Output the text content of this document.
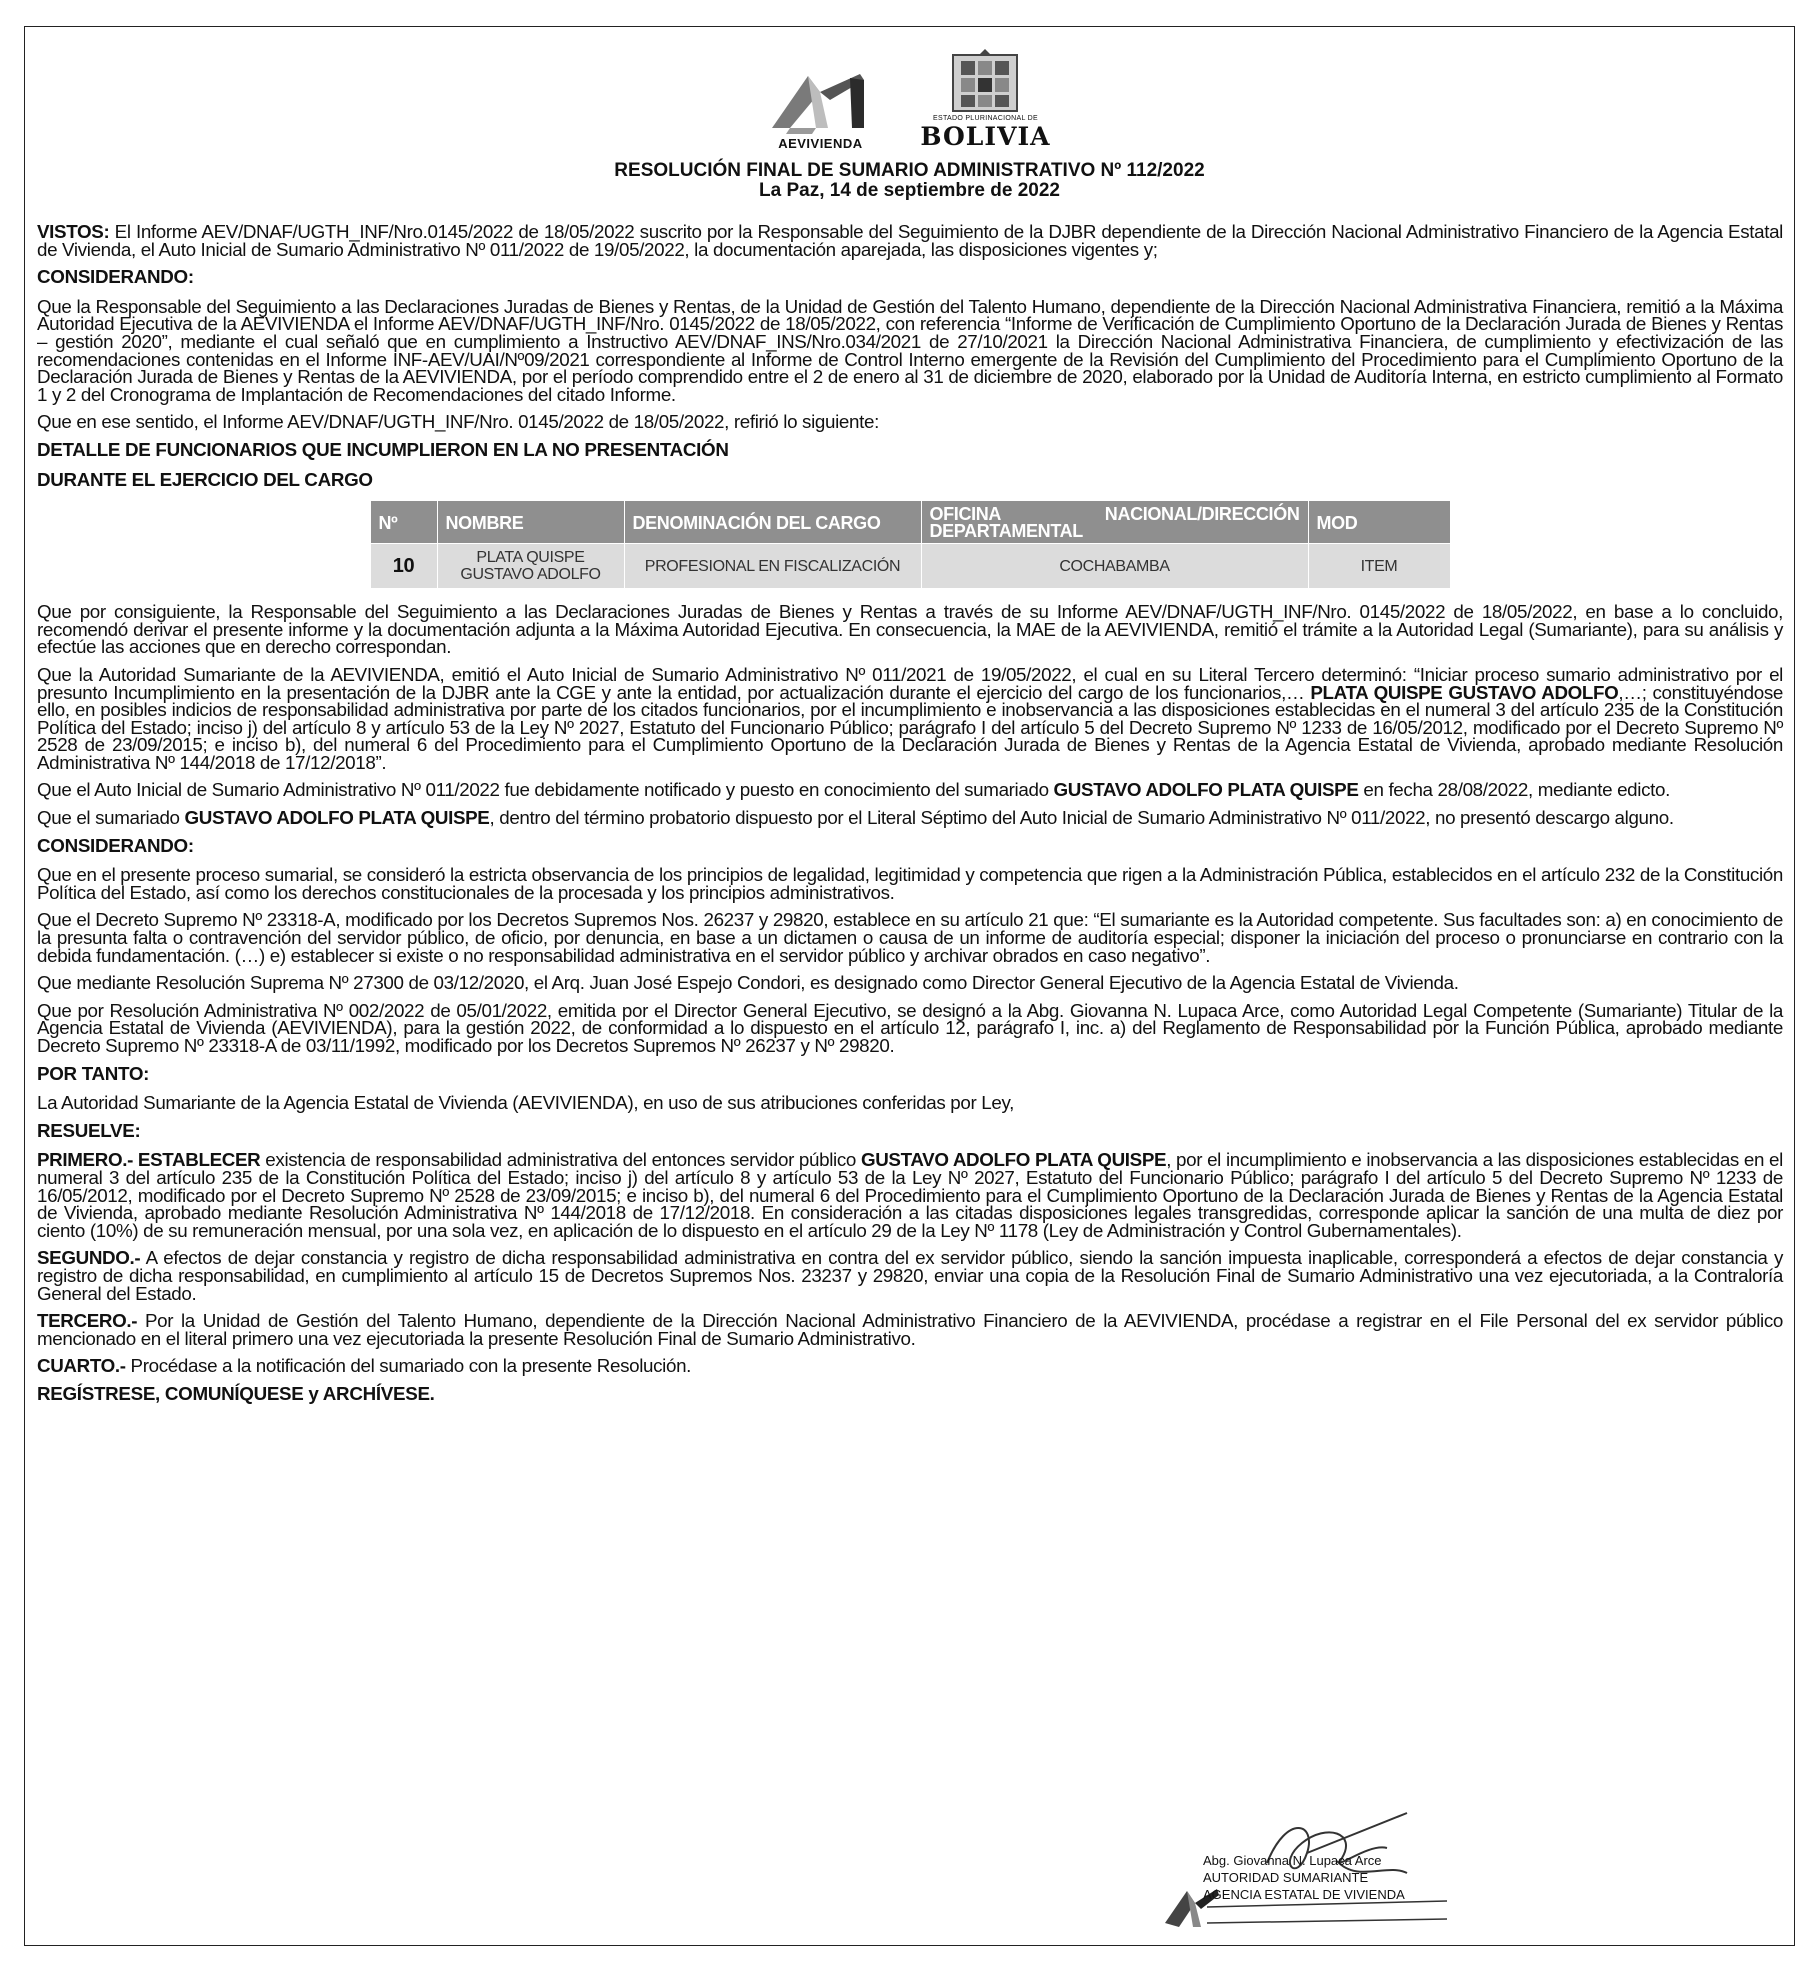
AEVIVIENDA
ESTADO PLURINACIONAL DE
BOLIVIA
RESOLUCIÓN FINAL DE SUMARIO ADMINISTRATIVO Nº 112/2022
La Paz, 14 de septiembre de 2022

VISTOS: El Informe AEV/DNAF/UGTH_INF/Nro.0145/2022 de 18/05/2022 suscrito por la Responsable del Seguimiento de la DJBR dependiente de la Dirección Nacional Administrativo Financiero de la Agencia Estatal de Vivienda, el Auto Inicial de Sumario Administrativo Nº 011/2022 de 19/05/2022, la documentación aparejada, las disposiciones vigentes y;

CONSIDERANDO:

Que la Responsable del Seguimiento a las Declaraciones Juradas de Bienes y Rentas, de la Unidad de Gestión del Talento Humano, dependiente de la Dirección Nacional Administrativa Financiera, remitió a la Máxima Autoridad Ejecutiva de la AEVIVIENDA el Informe AEV/DNAF/UGTH_INF/Nro. 0145/2022 de 18/05/2022, con referencia “Informe de Verificación de Cumplimiento Oportuno de la Declaración Jurada de Bienes y Rentas – gestión 2020”, mediante el cual señaló que en cumplimiento a Instructivo AEV/DNAF_INS/Nro.034/2021 de 27/10/2021 la Dirección Nacional Administrativa Financiera, de cumplimiento y efectivización de las recomendaciones contenidas en el Informe INF-AEV/UAI/Nº09/2021 correspondiente al Informe de Control Interno emergente de la Revisión del Cumplimiento del Procedimiento para el Cumplimiento Oportuno de la Declaración Jurada de Bienes y Rentas de la AEVIVIENDA, por el período comprendido entre el 2 de enero al 31 de diciembre de 2020, elaborado por la Unidad de Auditoría Interna, en estricto cumplimiento al Formato 1 y 2 del Cronograma de Implantación de Recomendaciones del citado Informe.

Que en ese sentido, el Informe AEV/DNAF/UGTH_INF/Nro. 0145/2022 de 18/05/2022, refirió lo siguiente:

DETALLE DE FUNCIONARIOS QUE INCUMPLIERON EN LA NO PRESENTACIÓN
DURANTE EL EJERCICIO DEL CARGO
Nº	NOMBRE	DENOMINACIÓN DEL CARGO	OFICINA NACIONAL/DIRECCIÓN DEPARTAMENTAL	MOD
10	PLATA QUISPE GUSTAVO ADOLFO	PROFESIONAL EN FISCALIZACIÓN	COCHABAMBA	ITEM

Que por consiguiente, la Responsable del Seguimiento a las Declaraciones Juradas de Bienes y Rentas a través de su Informe AEV/DNAF/UGTH_INF/Nro. 0145/2022 de 18/05/2022, en base a lo concluido, recomendó derivar el presente informe y la documentación adjunta a la Máxima Autoridad Ejecutiva. En consecuencia, la MAE de la AEVIVIENDA, remitió el trámite a la Autoridad Legal (Sumariante), para su análisis y efectúe las acciones que en derecho correspondan.

Que la Autoridad Sumariante de la AEVIVIENDA, emitió el Auto Inicial de Sumario Administrativo Nº 011/2021 de 19/05/2022, el cual en su Literal Tercero determinó: “Iniciar proceso sumario administrativo por el presunto Incumplimiento en la presentación de la DJBR ante la CGE y ante la entidad, por actualización durante el ejercicio del cargo de los funcionarios,… PLATA QUISPE GUSTAVO ADOLFO,…; constituyéndose ello, en posibles indicios de responsabilidad administrativa por parte de los citados funcionarios, por el incumplimiento e inobservancia a las disposiciones establecidas en el numeral 3 del artículo 235 de la Constitución Política del Estado; inciso j) del artículo 8 y artículo 53 de la Ley Nº 2027, Estatuto del Funcionario Público; parágrafo I del artículo 5 del Decreto Supremo Nº 1233 de 16/05/2012, modificado por el Decreto Supremo Nº 2528 de 23/09/2015; e inciso b), del numeral 6 del Procedimiento para el Cumplimiento Oportuno de la Declaración Jurada de Bienes y Rentas de la Agencia Estatal de Vivienda, aprobado mediante Resolución Administrativa Nº 144/2018 de 17/12/2018”.

Que el Auto Inicial de Sumario Administrativo Nº 011/2022 fue debidamente notificado y puesto en conocimiento del sumariado GUSTAVO ADOLFO PLATA QUISPE en fecha 28/08/2022, mediante edicto.

Que el sumariado GUSTAVO ADOLFO PLATA QUISPE, dentro del término probatorio dispuesto por el Literal Séptimo del Auto Inicial de Sumario Administrativo Nº 011/2022, no presentó descargo alguno.

CONSIDERANDO:

Que en el presente proceso sumarial, se consideró la estricta observancia de los principios de legalidad, legitimidad y competencia que rigen a la Administración Pública, establecidos en el artículo 232 de la Constitución Política del Estado, así como los derechos constitucionales de la procesada y los principios administrativos.

Que el Decreto Supremo Nº 23318-A, modificado por los Decretos Supremos Nos. 26237 y 29820, establece en su artículo 21 que: “El sumariante es la Autoridad competente. Sus facultades son: a) en conocimiento de la presunta falta o contravención del servidor público, de oficio, por denuncia, en base a un dictamen o causa de un informe de auditoría especial; disponer la iniciación del proceso o pronunciarse en contrario con la debida fundamentación. (…) e) establecer si existe o no responsabilidad administrativa en el servidor público y archivar obrados en caso negativo”.

Que mediante Resolución Suprema Nº 27300 de 03/12/2020, el Arq. Juan José Espejo Condori, es designado como Director General Ejecutivo de la Agencia Estatal de Vivienda.

Que por Resolución Administrativa Nº 002/2022 de 05/01/2022, emitida por el Director General Ejecutivo, se designó a la Abg. Giovanna N. Lupaca Arce, como Autoridad Legal Competente (Sumariante) Titular de la Agencia Estatal de Vivienda (AEVIVIENDA), para la gestión 2022, de conformidad a lo dispuesto en el artículo 12, parágrafo I, inc. a) del Reglamento de Responsabilidad por la Función Pública, aprobado mediante Decreto Supremo Nº 23318-A de 03/11/1992, modificado por los Decretos Supremos Nº 26237 y Nº 29820.

POR TANTO:

La Autoridad Sumariante de la Agencia Estatal de Vivienda (AEVIVIENDA), en uso de sus atribuciones conferidas por Ley,

RESUELVE:

PRIMERO.- ESTABLECER existencia de responsabilidad administrativa del entonces servidor público GUSTAVO ADOLFO PLATA QUISPE, por el incumplimiento e inobservancia a las disposiciones establecidas en el numeral 3 del artículo 235 de la Constitución Política del Estado; inciso j) del artículo 8 y artículo 53 de la Ley Nº 2027, Estatuto del Funcionario Público; parágrafo I del artículo 5 del Decreto Supremo Nº 1233 de 16/05/2012, modificado por el Decreto Supremo Nº 2528 de 23/09/2015; e inciso b), del numeral 6 del Procedimiento para el Cumplimiento Oportuno de la Declaración Jurada de Bienes y Rentas de la Agencia Estatal de Vivienda, aprobado mediante Resolución Administrativa Nº 144/2018 de 17/12/2018. En consideración a las citadas disposiciones legales transgredidas, corresponde aplicar la sanción de una multa de diez por ciento (10%) de su remuneración mensual, por una sola vez, en aplicación de lo dispuesto en el artículo 29 de la Ley Nº 1178 (Ley de Administración y Control Gubernamentales).

SEGUNDO.- A efectos de dejar constancia y registro de dicha responsabilidad administrativa en contra del ex servidor público, siendo la sanción impuesta inaplicable, corresponderá a efectos de dejar constancia y registro de dicha responsabilidad, en cumplimiento al artículo 15 de Decretos Supremos Nos. 23237 y 29820, enviar una copia de la Resolución Final de Sumario Administrativo una vez ejecutoriada, a la Contraloría General del Estado.

TERCERO.- Por la Unidad de Gestión del Talento Humano, dependiente de la Dirección Nacional Administrativo Financiero de la AEVIVIENDA, procédase a registrar en el File Personal del ex servidor público mencionado en el literal primero una vez ejecutoriada la presente Resolución Final de Sumario Administrativo.

CUARTO.- Procédase a la notificación del sumariado con la presente Resolución.

REGÍSTRESE, COMUNÍQUESE y ARCHÍVESE.
Abg. Giovanna N. Lupaca Arce
AUTORIDAD SUMARIANTE
AGENCIA ESTATAL DE VIVIENDA
